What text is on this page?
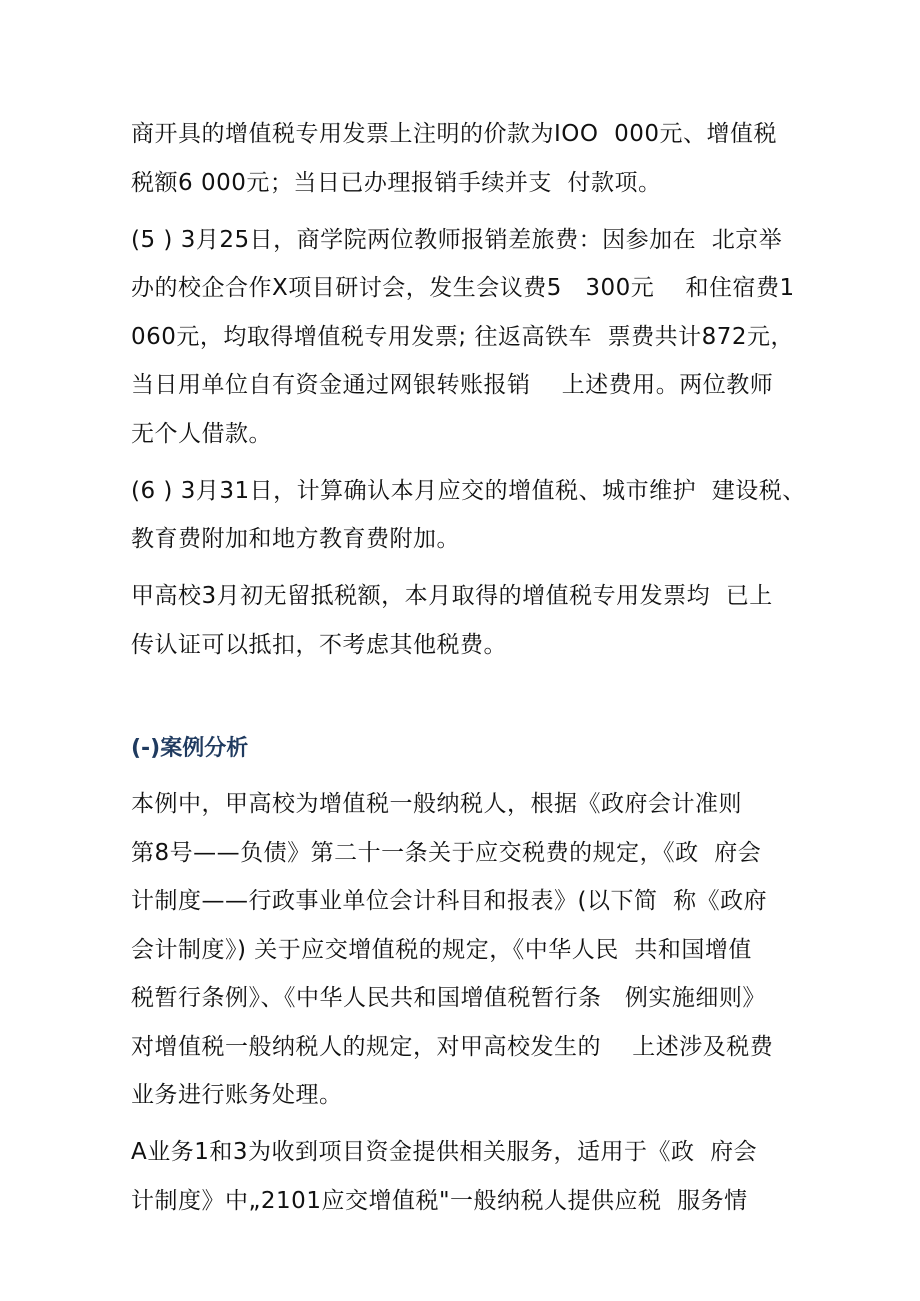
商开具的增值税专用发票上注明的价款为IOO  000元、增值税
税额6 000元；当日已办理报销手续并支  付款项。
(5 ) 3月25日，商学院两位教师报销差旅费：因参加在  北京举
办的校企合作X项目研讨会，发生会议费5   300元    和住宿费1
060元，均取得增值税专用发票; 往返高铁车  票费共计872元，
当日用单位自有资金通过网银转账报销    上述费用。两位教师
无个人借款。
(6 ) 3月31日，计算确认本月应交的增值税、城市维护  建设税、
教育费附加和地方教育费附加。
甲高校3月初无留抵税额，本月取得的增值税专用发票均  已上
传认证可以抵扣，不考虑其他税费。
(-)案例分析
本例中，甲高校为增值税一般纳税人，根据《政府会计准则
第8号——负债》第二十一条关于应交税费的规定，《政  府会
计制度——行政事业单位会计科目和报表》(以下简  称《政府
会计制度》) 关于应交增值税的规定，《中华人民  共和国增值
税暂行条例》、《中华人民共和国增值税暂行条   例实施细则》
对增值税一般纳税人的规定，对甲高校发生的    上述涉及税费
业务进行账务处理。
A业务1和3为收到项目资金提供相关服务，适用于《政  府会
计制度》中„2101应交增值税"一般纳税人提供应税  服务情
